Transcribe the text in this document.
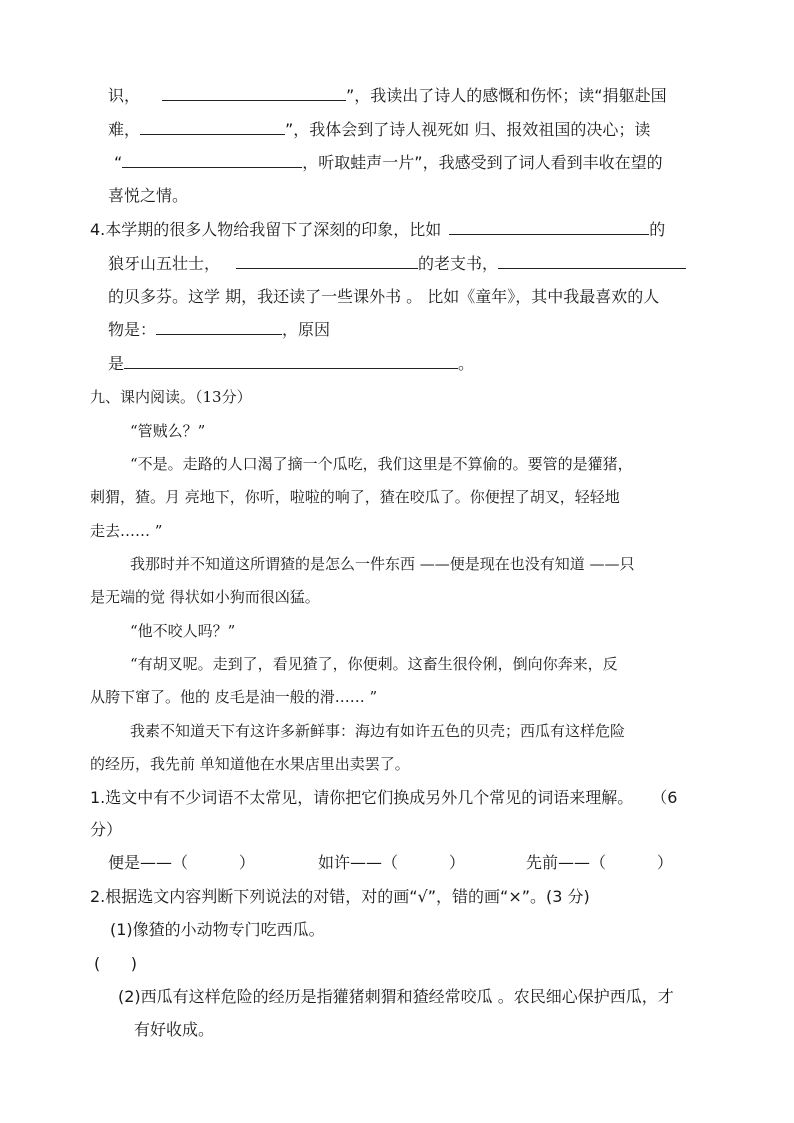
识，	”，我读出了诗人的感慨和伤怀；读“捐躯赴国
难，	”，我体会到了诗人视死如 归、报效祖国的决心；读
“	，听取蛙声一片”，我感受到了词人看到丰收在望的
喜悦之情。
4.本学期的很多人物给我留下了深刻的印象，比如	的
狼牙山五壮士，	的老支书，
的贝多芬。这学 期，我还读了一些课外书 。 比如《童年》，其中我最喜欢的人
物是：	，原因
是	。
九、课内阅读。（13分）
“管贼么？”
“不是。走路的人口渴了摘一个瓜吃，我们这里是不算偷的。要管的是獾猪，
刺猬，猹。月 亮地下，你听，啦啦的响了，猹在咬瓜了。你便捏了胡叉，轻轻地
走去…… ”
我那时并不知道这所谓猹的是怎么一件东西 ——便是现在也没有知道 ——只
是无端的觉 得状如小狗而很凶猛。
“他不咬人吗？”
“有胡叉呢。走到了，看见猹了，你便刺。这畜生很伶俐，倒向你奔来，反
从胯下窜了。他的 皮毛是油一般的滑…… ”
我素不知道天下有这许多新鲜事：海边有如许五色的贝壳；西瓜有这样危险
的经历，我先前 单知道他在水果店里出卖罢了。
1.选文中有不少词语不太常见，请你把它们换成另外几个常见的词语来理解。 （6
分）
便是——（          ）	如许——（          ）	先前——（          ）
2.根据选文内容判断下列说法的对错，对的画“√”，错的画“×”。(3 分)
(1)像猹的小动物专门吃西瓜。
(      )
(2)西瓜有这样危险的经历是指獾猪刺猬和猹经常咬瓜 。农民细心保护西瓜，才
有好收成。
